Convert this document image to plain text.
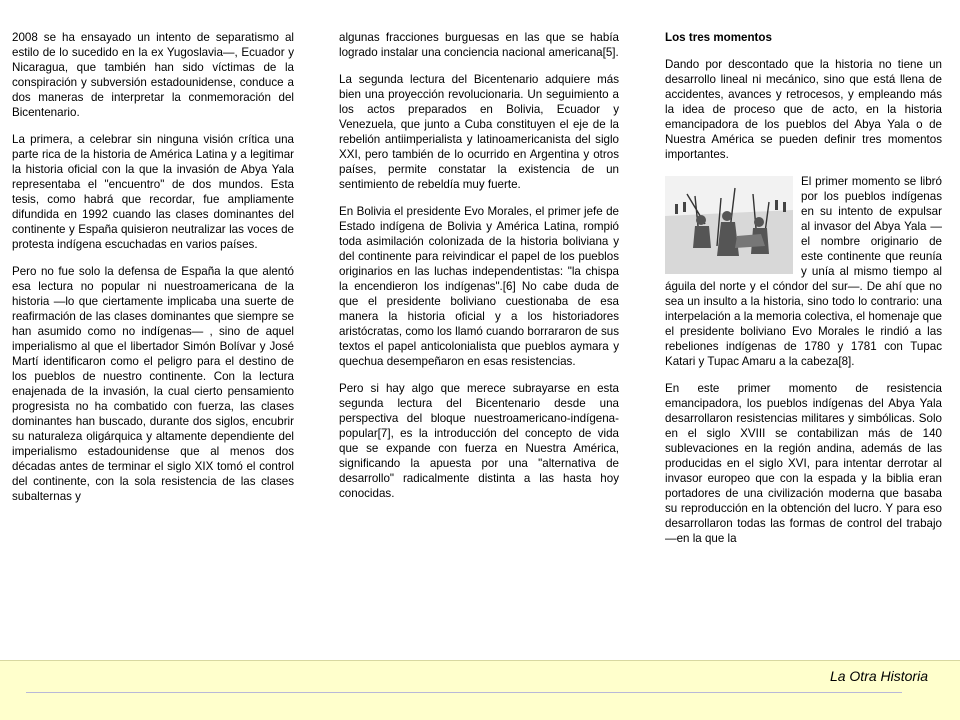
2008 se ha ensayado un intento de separatismo al estilo de lo sucedido en la ex Yugoslavia—, Ecuador y Nicaragua, que también han sido víctimas de la conspiración y subversión estadounidense, conduce a dos maneras de interpretar la conmemoración del Bicentenario.

La primera, a celebrar sin ninguna visión crítica una parte rica de la historia de América Latina y a legitimar la historia oficial con la que la invasión de Abya Yala representaba el "encuentro" de dos mundos. Esta tesis, como habrá que recordar, fue ampliamente difundida en 1992 cuando las clases dominantes del continente y España quisieron neutralizar las voces de protesta indígena escuchadas en varios países.

Pero no fue solo la defensa de España la que alentó esa lectura no popular ni nuestroamericana de la historia —lo que ciertamente implicaba una suerte de reafirmación de las clases dominantes que siempre se han asumido como no indígenas— , sino de aquel imperialismo al que el libertador Simón Bolívar y José Martí identificaron como el peligro para el destino de los pueblos de nuestro continente. Con la lectura enajenada de la invasión, la cual cierto pensamiento progresista no ha combatido con fuerza, las clases dominantes han buscado, durante dos siglos, encubrir su naturaleza oligárquica y altamente dependiente del imperialismo estadounidense que al menos dos décadas antes de terminar el siglo XIX tomó el control del continente, con la sola resistencia de las clases subalternas y

algunas fracciones burguesas en las que se había logrado instalar una conciencia nacional americana[5].

La segunda lectura del Bicentenario adquiere más bien una proyección revolucionaria. Un seguimiento a los actos preparados en Bolivia, Ecuador y Venezuela, que junto a Cuba constituyen el eje de la rebelión antiimperialista y latinoamericanista del siglo XXI, pero también de lo ocurrido en Argentina y otros países, permite constatar la existencia de un sentimiento de rebeldía muy fuerte.

En Bolivia el presidente Evo Morales, el primer jefe de Estado indígena de Bolivia y América Latina, rompió toda asimilación colonizada de la historia boliviana y del continente para reivindicar el papel de los pueblos originarios en las luchas independentistas: "la chispa la encendieron los indígenas".[6] No cabe duda de que el presidente boliviano cuestionaba de esa manera la historia oficial y a los historiadores aristócratas, como los llamó cuando borrararon de sus textos el papel anticolonialista que pueblos aymara y quechua desempeñaron en esas resistencias.

Pero si hay algo que merece subrayarse en esta segunda lectura del Bicentenario desde una perspectiva del bloque nuestroamericano-indígena-popular[7], es la introducción del concepto de vida que se expande con fuerza en Nuestra América, significando la apuesta por una "alternativa de desarrollo" radicalmente distinta a las hasta hoy conocidas.

Los tres momentos

Dando por descontado que la historia no tiene un desarrollo lineal ni mecánico, sino que está llena de accidentes, avances y retrocesos, y empleando más la idea de proceso que de acto, en la historia emancipadora de los pueblos del Abya Yala o de Nuestra América se pueden definir tres momentos importantes.

El primer momento se libró por los pueblos indígenas en su intento de expulsar al invasor del Abya Yala —el nombre originario de este continente que reunía y unía al mismo tiempo al águila del norte y el cóndor del sur—. De ahí que no sea un insulto a la historia, sino todo lo contrario: una interpelación a la memoria colectiva, el homenaje que el presidente boliviano Evo Morales le rindió a las rebeliones indígenas de 1780 y 1781 con Tupac Katari y Tupac Amaru a la cabeza[8].

En este primer momento de resistencia emancipadora, los pueblos indígenas del Abya Yala desarrollaron resistencias militares y simbólicas. Solo en el siglo XVIII se contabilizan más de 140 sublevaciones en la región andina, además de las producidas en el siglo XVI, para intentar derrotar al invasor europeo que con la espada y la biblia eran portadores de una civilización moderna que basaba su reproducción en la obtención del lucro. Y para eso desarrollaron todas las formas de control del trabajo —en la que la

La Otra Historia
